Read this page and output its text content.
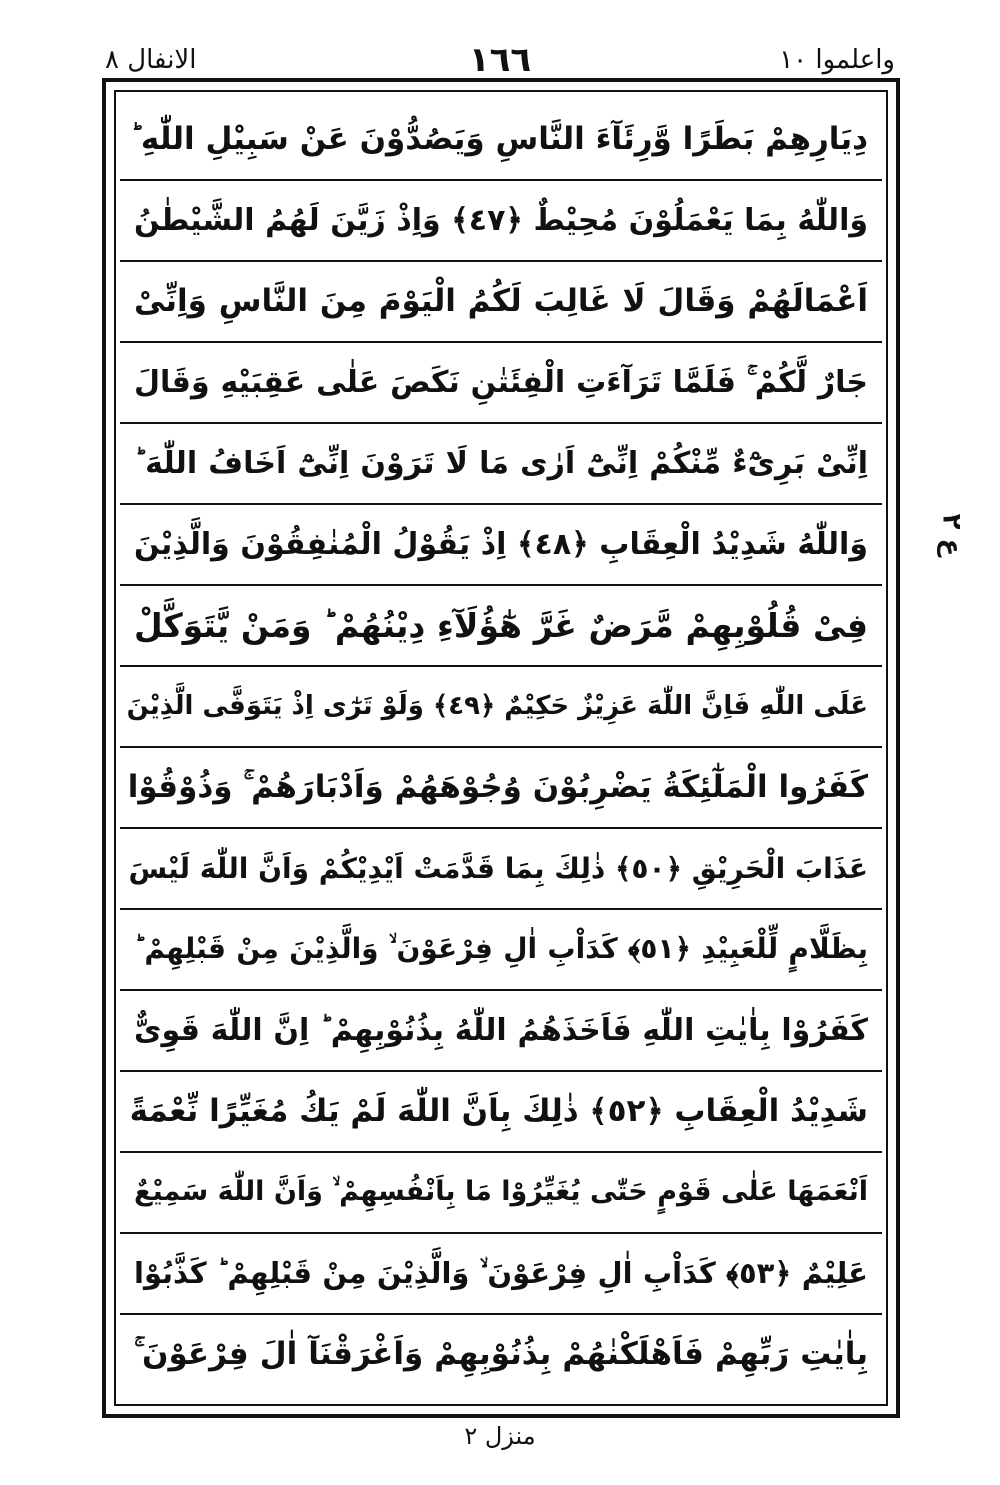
الانفال ٨	١٦٦	واعلموا ١٠
دِيَارِهِمْ بَطَرًا وَّرِئَآءَ النَّاسِ وَيَصُدُّوْنَ عَنْ سَبِيْلِ اللّٰهِ ؕ
وَاللّٰهُ بِمَا يَعْمَلُوْنَ مُحِيْطٌ ﴿٤٧﴾ وَاِذْ زَيَّنَ لَهُمُ الشَّيْطٰنُ
اَعْمَالَهُمْ وَقَالَ لَا غَالِبَ لَكُمُ الْيَوْمَ مِنَ النَّاسِ وَاِنِّىْ
جَارٌ لَّكُمْ ۚ فَلَمَّا تَرَآءَتِ الْفِئَتٰنِ نَكَصَ عَلٰى عَقِبَيْهِ وَقَالَ
اِنِّىْ بَرِىْٓءٌ مِّنْكُمْ اِنِّىْٓ اَرٰى مَا لَا تَرَوْنَ اِنِّىْٓ اَخَافُ اللّٰهَ ؕ
وَاللّٰهُ شَدِيْدُ الْعِقَابِ ﴿٤٨﴾ اِذْ يَقُوْلُ الْمُنٰفِقُوْنَ وَالَّذِيْنَ
فِىْ قُلُوْبِهِمْ مَّرَضٌ غَرَّ هٰٓؤُلَآءِ دِيْنُهُمْ ؕ وَمَنْ يَّتَوَكَّلْ
عَلَى اللّٰهِ فَاِنَّ اللّٰهَ عَزِيْزٌ حَكِيْمٌ ﴿٤٩﴾ وَلَوْ تَرٰٓى اِذْ يَتَوَفَّى الَّذِيْنَ
كَفَرُوا الْمَلٰٓئِكَةُ يَضْرِبُوْنَ وُجُوْهَهُمْ وَاَدْبَارَهُمْ ۚ وَذُوْقُوْا
عَذَابَ الْحَرِيْقِ ﴿٥٠﴾ ذٰلِكَ بِمَا قَدَّمَتْ اَيْدِيْكُمْ وَاَنَّ اللّٰهَ لَيْسَ
بِظَلَّامٍ لِّلْعَبِيْدِ ﴿٥١﴾ كَدَاْبِ اٰلِ فِرْعَوْنَ ۙ وَالَّذِيْنَ مِنْ قَبْلِهِمْ ؕ
كَفَرُوْا بِاٰيٰتِ اللّٰهِ فَاَخَذَهُمُ اللّٰهُ بِذُنُوْبِهِمْ ؕ اِنَّ اللّٰهَ قَوِىٌّ
شَدِيْدُ الْعِقَابِ ﴿٥٢﴾ ذٰلِكَ بِاَنَّ اللّٰهَ لَمْ يَكُ مُغَيِّرًا نِّعْمَةً
اَنْعَمَهَا عَلٰى قَوْمٍ حَتّٰى يُغَيِّرُوْا مَا بِاَنْفُسِهِمْ ۙ وَاَنَّ اللّٰهَ سَمِيْعٌ
عَلِيْمٌ ﴿٥٣﴾ كَدَاْبِ اٰلِ فِرْعَوْنَ ۙ وَالَّذِيْنَ مِنْ قَبْلِهِمْ ؕ كَذَّبُوْا
بِاٰيٰتِ رَبِّهِمْ فَاَهْلَكْنٰهُمْ بِذُنُوْبِهِمْ وَاَغْرَقْنَآ اٰلَ فِرْعَوْنَ ۚ
ع ٢
منزل ٢
